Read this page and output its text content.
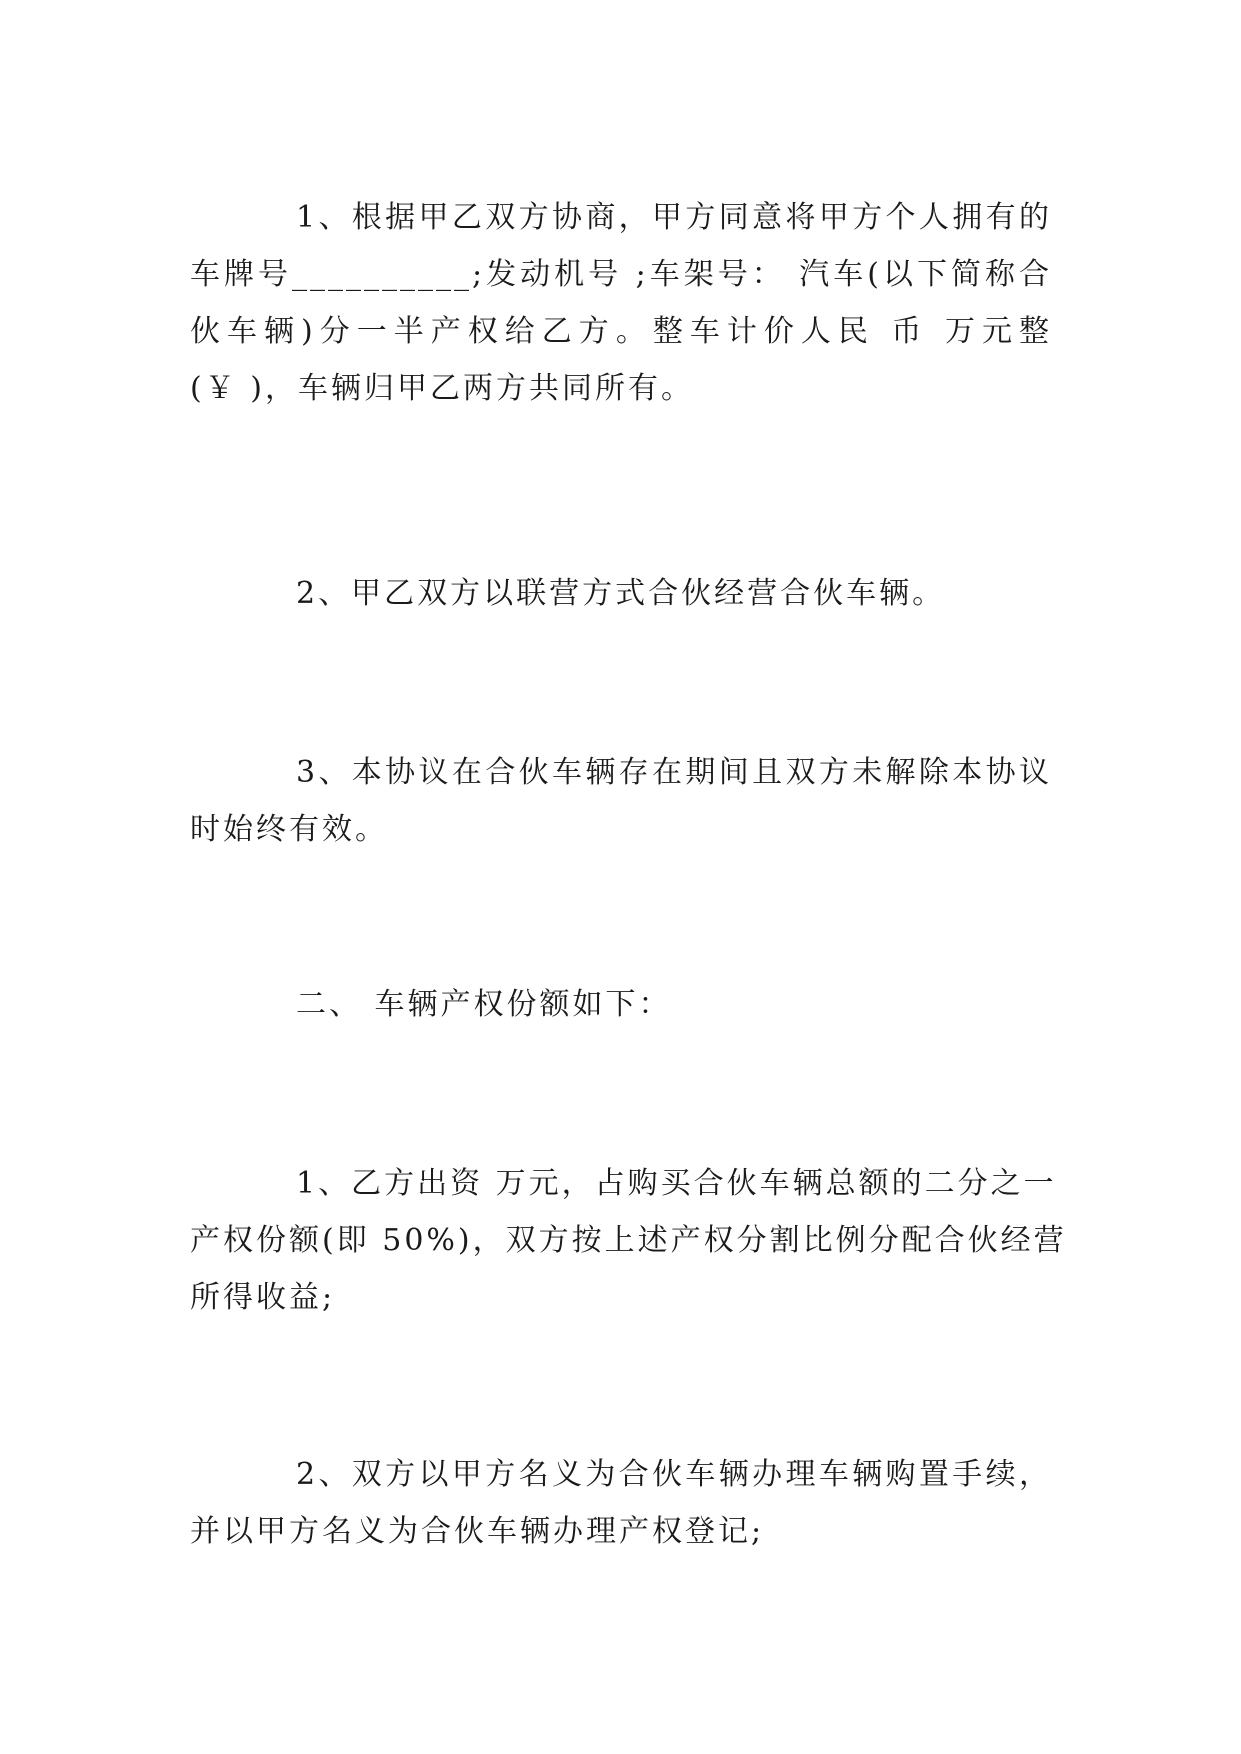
1、根据甲乙双方协商，甲方同意将甲方个人拥有的
车牌号__________;发动机号 ;车架号： 汽车(以下简称合
伙车辆)分一半产权给乙方。整车计价人民 币 万元整
(￥ )，车辆归甲乙两方共同所有。
2、甲乙双方以联营方式合伙经营合伙车辆。
3、本协议在合伙车辆存在期间且双方未解除本协议
时始终有效。
二、 车辆产权份额如下：
1、乙方出资 万元，占购买合伙车辆总额的二分之一
产权份额(即 50%)，双方按上述产权分割比例分配合伙经营
所得收益;
2、双方以甲方名义为合伙车辆办理车辆购置手续，
并以甲方名义为合伙车辆办理产权登记;
